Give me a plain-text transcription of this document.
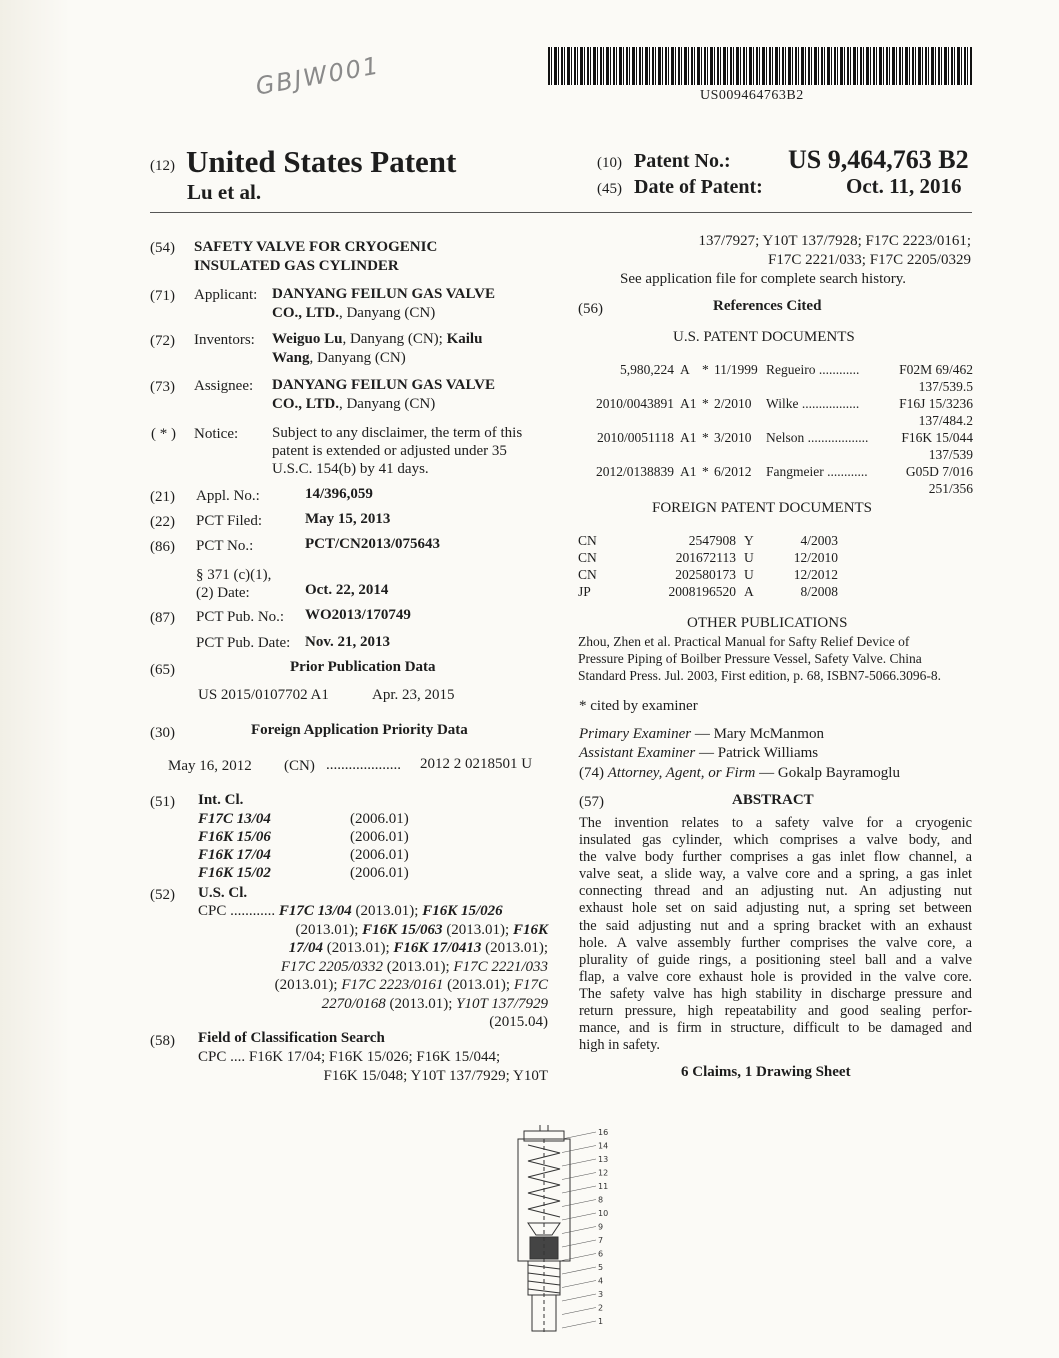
GBJW001	US009464763B2
(12) United States Patent
Lu et al.
(10) Patent No.: US 9,464,763 B2
(45) Date of Patent:	Oct. 11, 2016
(54) SAFETY VALVE FOR CRYOGENIC
INSULATED GAS CYLINDER
(71) Applicant: DANYANG FEILUN GAS VALVE
CO., LTD., Danyang (CN)
(72) Inventors: Weiguo Lu, Danyang (CN); Kailu
Wang, Danyang (CN)
(73) Assignee: DANYANG FEILUN GAS VALVE
CO., LTD., Danyang (CN)
( * ) Notice: Subject to any disclaimer, the term of this
patent is extended or adjusted under 35
U.S.C. 154(b) by 41 days.
(21) Appl. No.:	14/396,059
(22) PCT Filed:	May 15, 2013
(86) PCT No.:	PCT/CN2013/075643
§ 371 (c)(1),
(2) Date:	Oct. 22, 2014
(87) PCT Pub. No.: WO2013/170749
PCT Pub. Date: Nov. 21, 2013
(65)	Prior Publication Data
US 2015/0107702 A1	Apr. 23, 2015
(30)	Foreign Application Priority Data
May 16, 2012 (CN) .................... 2012 2 0218501 U
(51) Int. Cl.
F17C 13/04	(2006.01)
F16K 15/06	(2006.01)
F16K 17/04	(2006.01)
F16K 15/02	(2006.01)
(52) U.S. Cl.
CPC ............ F17C 13/04 (2013.01); F16K 15/026
(2013.01); F16K 15/063 (2013.01); F16K
17/04 (2013.01); F16K 17/0413 (2013.01);
F17C 2205/0332 (2013.01); F17C 2221/033
(2013.01); F17C 2223/0161 (2013.01); F17C
2270/0168 (2013.01); Y10T 137/7929
(2015.04)
(58) Field of Classification Search
CPC .... F16K 17/04; F16K 15/026; F16K 15/044;
F16K 15/048; Y10T 137/7929; Y10T
137/7927; Y10T 137/7928; F17C 2223/0161;
F17C 2221/033; F17C 2205/0329
See application file for complete search history.
(56)	References Cited
U.S. PATENT DOCUMENTS
5,980,224	A	*	11/1999	Regueiro ............	F02M 69/462
137/539.5

2010/0043891	A1	*	2/2010	Wilke .................	F16J 15/3236
137/484.2

2010/0051118	A1	*	3/2010	Nelson ..................	F16K 15/044
137/539

2012/0138839	A1	*	6/2012	Fangmeier ............	G05D 7/016
251/356
FOREIGN PATENT DOCUMENTS
CN	2547908	Y	4/2003
CN	201672113	U	12/2010
CN	202580173	U	12/2012
JP	2008196520	A	8/2008
OTHER PUBLICATIONS
Zhou, Zhen et al. Practical Manual for Safty Relief Device of
Pressure Piping of Boilber Pressure Vessel, Safety Valve. China
Standard Press. Jul. 2003, First edition, p. 68, ISBN7-5066.3096-8.
* cited by examiner
Primary Examiner — Mary McManmon
Assistant Examiner — Patrick Williams
(74) Attorney, Agent, or Firm — Gokalp Bayramoglu
(57)	ABSTRACT
The invention relates to a safety valve for a cryogenic
insulated gas cylinder, which comprises a valve body, and
the valve body further comprises a gas inlet flow channel, a
valve seat, a slide way, a valve core and a spring, a gas inlet
connecting thread and an adjusting nut. An adjusting nut
exhaust hole set on said adjusting nut, a spring set between
the said adjusting nut and a spring bracket with an exhaust
hole. A valve assembly further comprises the valve core, a
plurality of guide rings, a positioning steel ball and a valve
flap, a valve core exhaust hole is provided in the valve core.
The safety valve has high stability in discharge pressure and
return pressure, high repeatability and good sealing perfor-
mance, and is firm in structure, difficult to be damaged and
high in safety.
6 Claims, 1 Drawing Sheet
16
14
13
12
11
8
10
9
7
6
5
4
3
2
1
